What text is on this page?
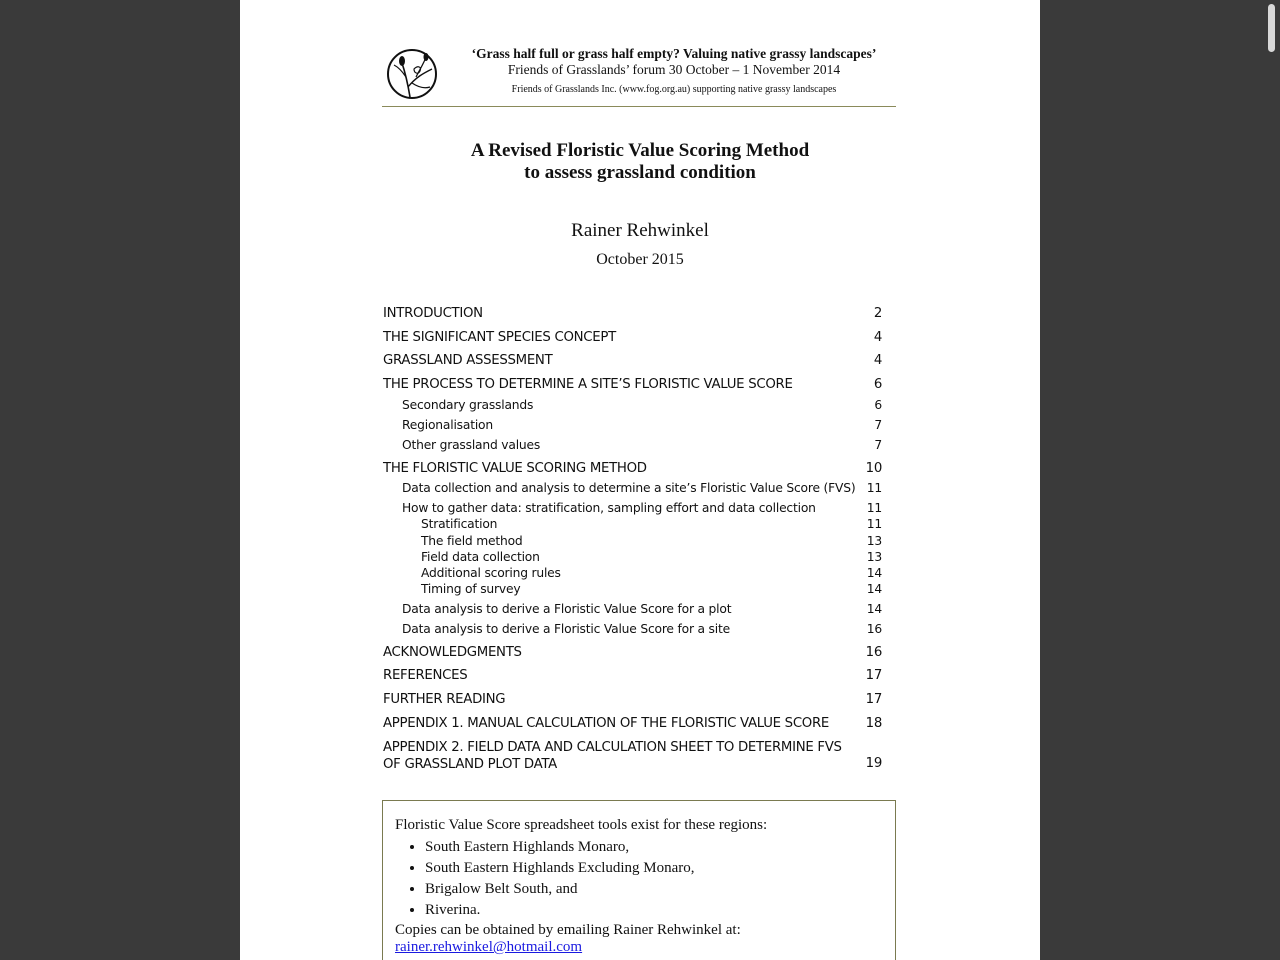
‘Grass half full or grass half empty? Valuing native grassy landscapes’
Friends of Grasslands’ forum 30 October – 1 November 2014
Friends of Grasslands Inc. (www.fog.org.au) supporting native grassy landscapes
A Revised Floristic Value Scoring Method
to assess grassland condition
Rainer Rehwinkel
October 2015
INTRODUCTION	2
THE SIGNIFICANT SPECIES CONCEPT	4
GRASSLAND ASSESSMENT	4
THE PROCESS TO DETERMINE A SITE’S FLORISTIC VALUE SCORE	6
Secondary grasslands	6
Regionalisation	7
Other grassland values	7
THE FLORISTIC VALUE SCORING METHOD	10
Data collection and analysis to determine a site’s Floristic Value Score (FVS) 11
How to gather data: stratification, sampling effort and data collection	11
Stratification	11
The field method	13
Field data collection	13
Additional scoring rules	14
Timing of survey	14
Data analysis to derive a Floristic Value Score for a plot	14
Data analysis to derive a Floristic Value Score for a site	16
ACKNOWLEDGMENTS	16
REFERENCES	17
FURTHER READING	17
APPENDIX 1. MANUAL CALCULATION OF THE FLORISTIC VALUE SCORE	18
APPENDIX 2. FIELD DATA AND CALCULATION SHEET TO DETERMINE FVS OF GRASSLAND PLOT DATA	19

Floristic Value Score spreadsheet tools exist for these regions:

• South Eastern Highlands Monaro,
• South Eastern Highlands Excluding Monaro,
• Brigalow Belt South, and
• Riverina.

Copies can be obtained by emailing Rainer Rehwinkel at:

rainer.rehwinkel@hotmail.com
